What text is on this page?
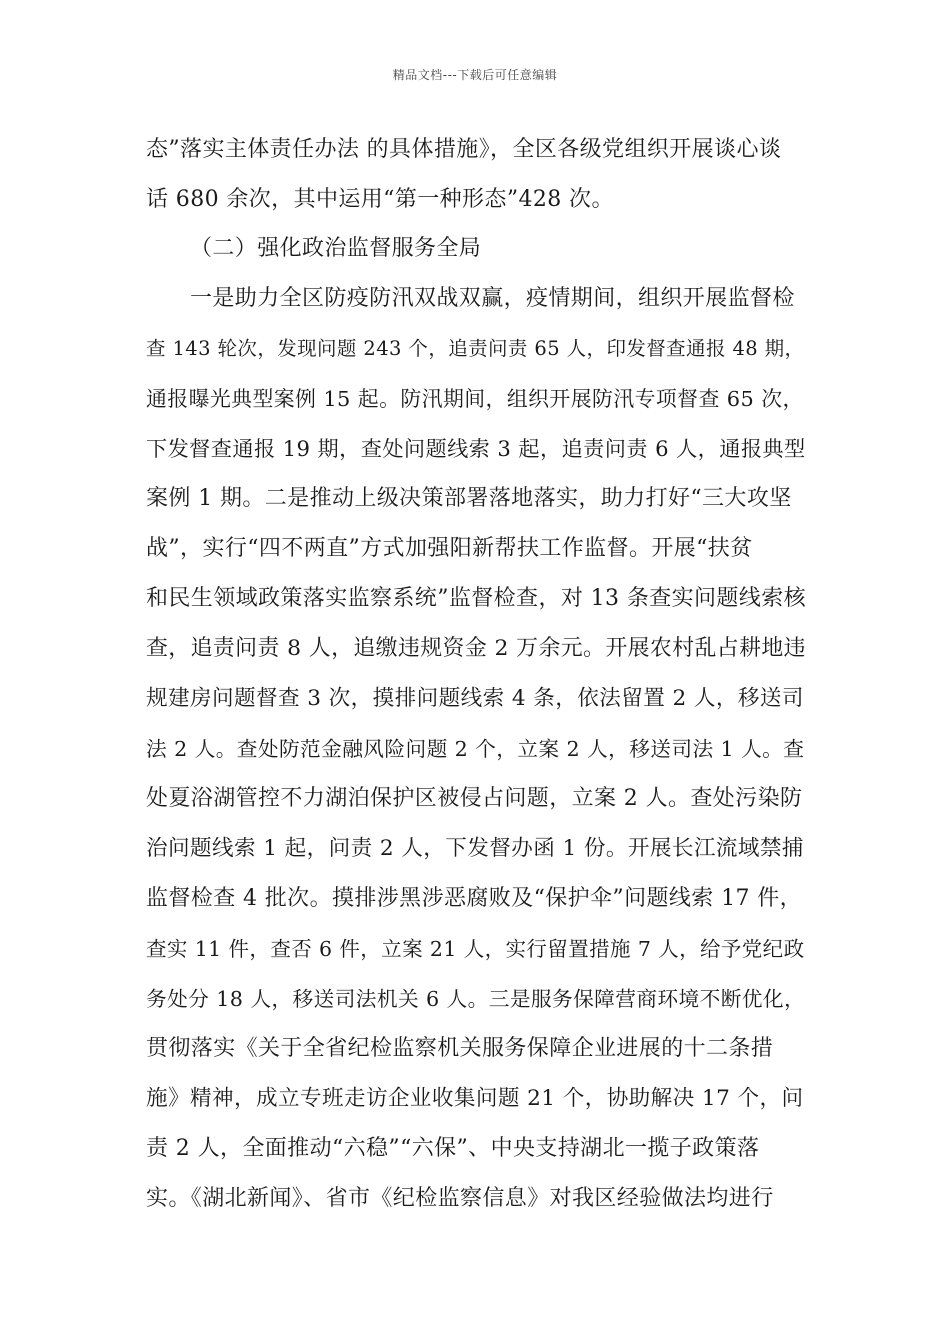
精品文档---下载后可任意编辑
态”落实主体责任办法 的具体措施》，全区各级党组织开展谈心谈
话 680 余次，其中运用“第一种形态”428 次。
（二）强化政治监督服务全局
一是助力全区防疫防汛双战双赢，疫情期间，组织开展监督检
查 143 轮次，发现问题 243 个，追责问责 65 人，印发督查通报 48 期，
通报曝光典型案例 15 起。防汛期间，组织开展防汛专项督查 65 次，
下发督查通报 19 期，查处问题线索 3 起，追责问责 6 人，通报典型
案例 1 期。二是推动上级决策部署落地落实，助力打好“三大攻坚
战”，实行“四不两直”方式加强阳新帮扶工作监督。开展“扶贫
和民生领域政策落实监察系统”监督检查，对 13 条查实问题线索核
查，追责问责 8 人，追缴违规资金 2 万余元。开展农村乱占耕地违
规建房问题督查 3 次，摸排问题线索 4 条，依法留置 2 人，移送司
法 2 人。查处防范金融风险问题 2 个，立案 2 人，移送司法 1 人。查
处夏浴湖管控不力湖泊保护区被侵占问题，立案 2 人。查处污染防
治问题线索 1 起，问责 2 人，下发督办函 1 份。开展长江流域禁捕
监督检查 4 批次。摸排涉黑涉恶腐败及“保护伞”问题线索 17 件，
查实 11 件，查否 6 件，立案 21 人，实行留置措施 7 人，给予党纪政
务处分 18 人，移送司法机关 6 人。三是服务保障营商环境不断优化，
贯彻落实《关于全省纪检监察机关服务保障企业进展的十二条措
施》精神，成立专班走访企业收集问题 21 个，协助解决 17 个，问
责 2 人，全面推动“六稳”“六保”、中央支持湖北一揽子政策落
实。《湖北新闻》、省市《纪检监察信息》对我区经验做法均进行
